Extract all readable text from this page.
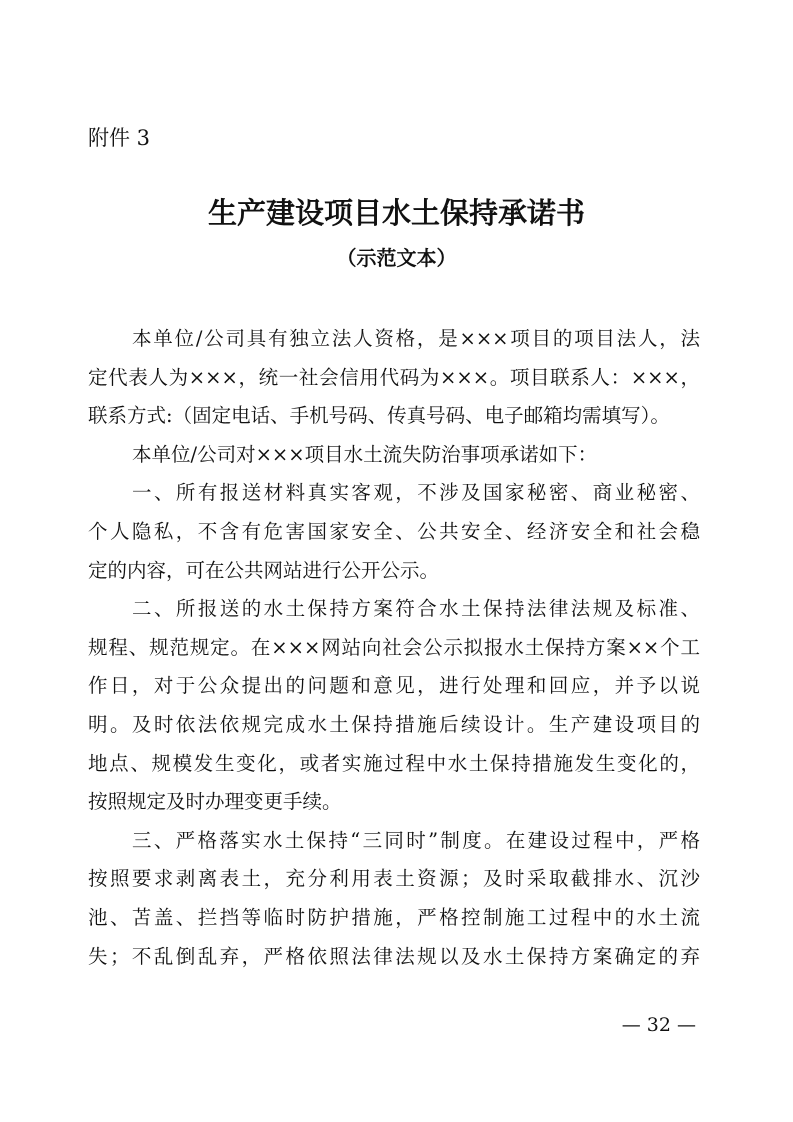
附件 3
生产建设项目水土保持承诺书
（示范文本）

本单位/公司具有独立法人资格，是×××项目的项目法人，法

定代表人为×××，统一社会信用代码为×××。项目联系人：×××，

联系方式:（固定电话、手机号码、传真号码、电子邮箱均需填写）。

本单位/公司对×××项目水土流失防治事项承诺如下：

一、所有报送材料真实客观，不涉及国家秘密、商业秘密、

个人隐私，不含有危害国家安全、公共安全、经济安全和社会稳

定的内容，可在公共网站进行公开公示。

二、所报送的水土保持方案符合水土保持法律法规及标准、

规程、规范规定。在×××网站向社会公示拟报水土保持方案××个工

作日，对于公众提出的问题和意见，进行处理和回应，并予以说

明。及时依法依规完成水土保持措施后续设计。生产建设项目的

地点、规模发生变化，或者实施过程中水土保持措施发生变化的，

按照规定及时办理变更手续。

三、严格落实水土保持“三同时”制度。在建设过程中，严格

按照要求剥离表土，充分利用表土资源；及时采取截排水、沉沙

池、苫盖、拦挡等临时防护措施，严格控制施工过程中的水土流

失；不乱倒乱弃，严格依照法律法规以及水土保持方案确定的弃

— 32 —
